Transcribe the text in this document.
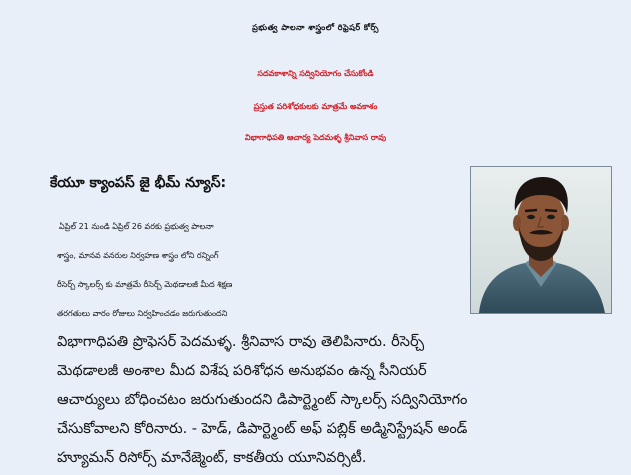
ప్రభుత్వ పాలనా శాస్త్రంలో రిఫ్రెషర్ కోర్స్
సదవకాశాన్ని సద్వినియోగం చేసుకోండి
ప్రస్తుత పరిశోధకులకు మాత్రమే అవకాశం
విభాగాధిపతి ఆచార్య పెదమళ్ళ శ్రీనివాస రావు
కేయూ క్యాంపస్ జై భీమ్ న్యూస్:
ఏప్రిల్ 21 నుండి ఏప్రిల్ 26 వరకు ప్రభుత్వ పాలనా
శాస్త్రం, మానవ వనరుల నిర్వహణ శాస్త్రం లోని రన్నింగ్
రీసెర్చ్ స్కాలర్స్ కు మాత్రమే రీసెర్చ్ మెథడాలజీ మీద శిక్షణ
తరగతులు వారం రోజులు నిర్వహించడం జరుగుతుందని
విభాగాధిపతి ప్రొఫెసర్ పెదమళ్ళ. శ్రీనివాస రావు తెలిపినారు. రీసెర్చ్
మెథడాలజీ అంశాల మీద విశేష పరిశోధన అనుభవం ఉన్న సీనియర్
ఆచార్యులు బోధించటం జరుగుతుందని డిపార్ట్మెంట్ స్కాలర్స్ సద్వినియోగం
చేసుకోవాలని కోరినారు. - హెడ్, డిపార్ట్మెంట్ అఫ్ పబ్లిక్ అడ్మినిస్ట్రేషన్ అండ్
హ్యూమన్ రిసోర్స్ మానేజ్మెంట్, కాకతీయ యూనివర్సిటీ.
